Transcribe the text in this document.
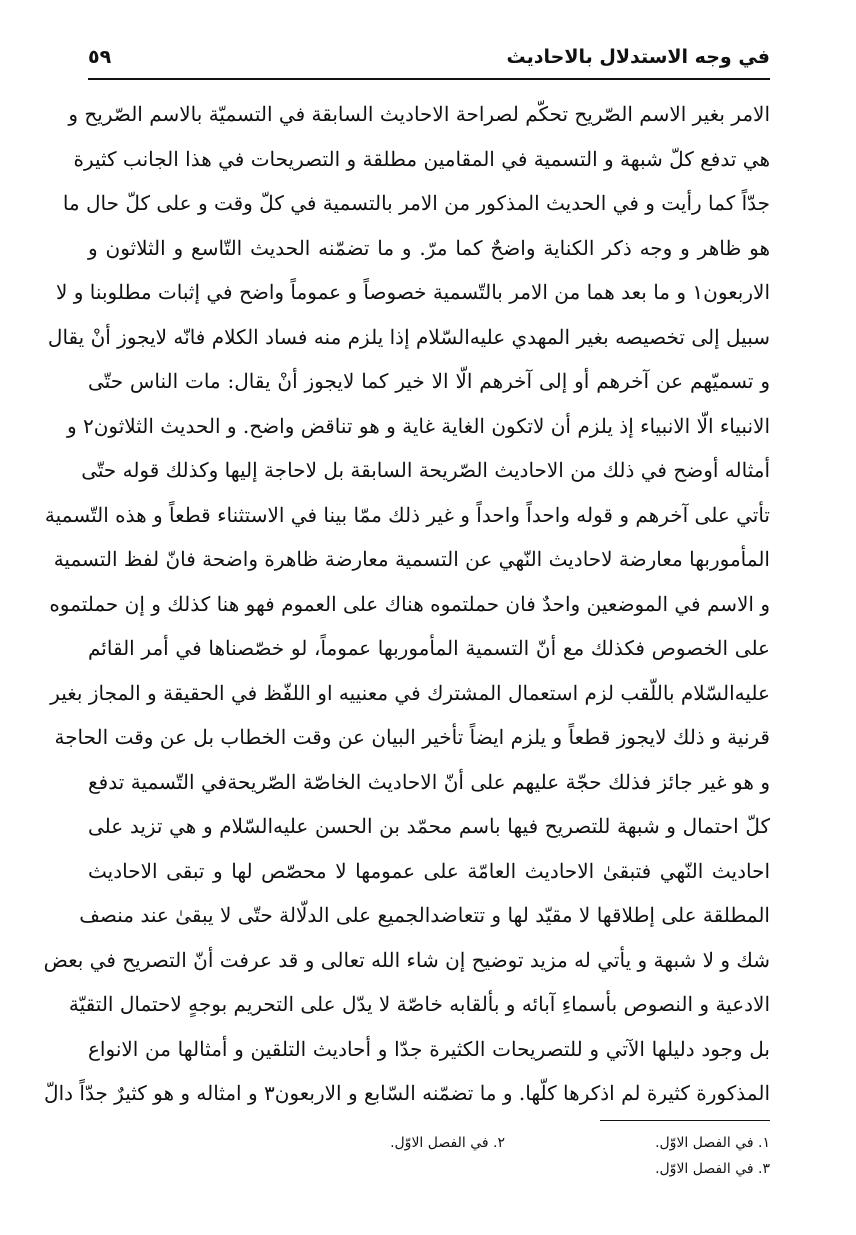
في وجه الاستدلال بالاحاديث
٥٩
الامر بغير الاسم الصّريح تحكّم لصراحة الاحاديث السابقة في التسميّة بالاسم الصّريح و
هي تدفع كلّ شبهة و التسمية في المقامين مطلقة و التصريحات في هذا الجانب كثيرة
جدّاً كما رأيت و في الحديث المذكور من الامر بالتسمية في كلّ وقت و على كلّ حال ما
هو ظاهر و وجه ذكر الكناية واضحٌ كما مرّ. و ما تضمّنه الحديث التّاسع و الثلاثون و
الاربعون١ و ما بعد هما من الامر بالتّسمية خصوصاً و عموماً واضح في إثبات مطلوبنا و لا
سبيل إلى تخصيصه بغير المهدي عليه‌السّلام إذا يلزم منه فساد الكلام فانّه لايجوز أنْ يقال
و تسميّهم عن آخرهم أو إلى آخرهم الّا الا خير كما لايجوز أنْ يقال: مات الناس حتّى
الانبياء الّا الانبياء إذ يلزم أن لاتكون الغاية غاية و هو تناقض واضح. و الحديث الثلاثون٢ و
أمثاله أوضح في ذلك من الاحاديث الصّريحة السابقة بل لاحاجة إليها وكذلك قوله حتّى
تأتي على آخرهم و قوله واحداً واحداً و غير ذلك ممّا بينا في الاستثناء قطعاً و هذه التّسمية
المأموربها معارضة لاحاديث النّهي عن التسمية معارضة ظاهرة واضحة فانّ لفظ التسمية
و الاسم في الموضعين واحدٌ فان حملتموه هناك على العموم فهو هنا كذلك و إن حملتموه
على الخصوص فكذلك مع أنّ التسمية المأموربها عموماً، لو خصّصناها في أمر القائم
عليه‌السّلام باللّقب لزم استعمال المشترك في معنييه او اللفّظ في الحقيقة و المجاز بغير
قرنية و ذلك لايجوز قطعاً و يلزم ايضاً تأخير البيان عن وقت الخطاب بل عن وقت الحاجة
و هو غير جائز فذلك حجّة عليهم على أنّ الاحاديث الخاصّة الصّريحةفي التّسمية تدفع
كلّ احتمال و شبهة للتصريح فيها باسم محمّد بن الحسن عليه‌السّلام و هي تزيد على
احاديث النّهي فتبقىٰ الاحاديث العامّة على عمومها لا محصّص لها و تبقى الاحاديث
المطلقة على إطلاقها لا مقيّد لها و تتعاضدالجميع على الدلّالة حتّى لا يبقىٰ عند منصف
شك و لا شبهة و يأتي له مزيد توضيح إن شاء الله تعالى و قد عرفت أنّ التصريح في بعض
الادعية و النصوص بأسماءِ آبائه و بألقابه خاصّة لا يدّل على التحريم بوجهٍ لاحتمال التقيّة
بل وجود دليلها الآتي و للتصريحات الكثيرة جدّا و أحاديث التلقين و أمثالها من الانواع
المذكورة كثيرة لم اذكرها كلّها. و ما تضمّنه السّابع و الاربعون٣ و امثاله و هو كثيرٌ جدّاً دالّ
١. في الفصل الاوّل.
٢. في الفصل الاوّل.
٣. في الفصل الاوّل.
